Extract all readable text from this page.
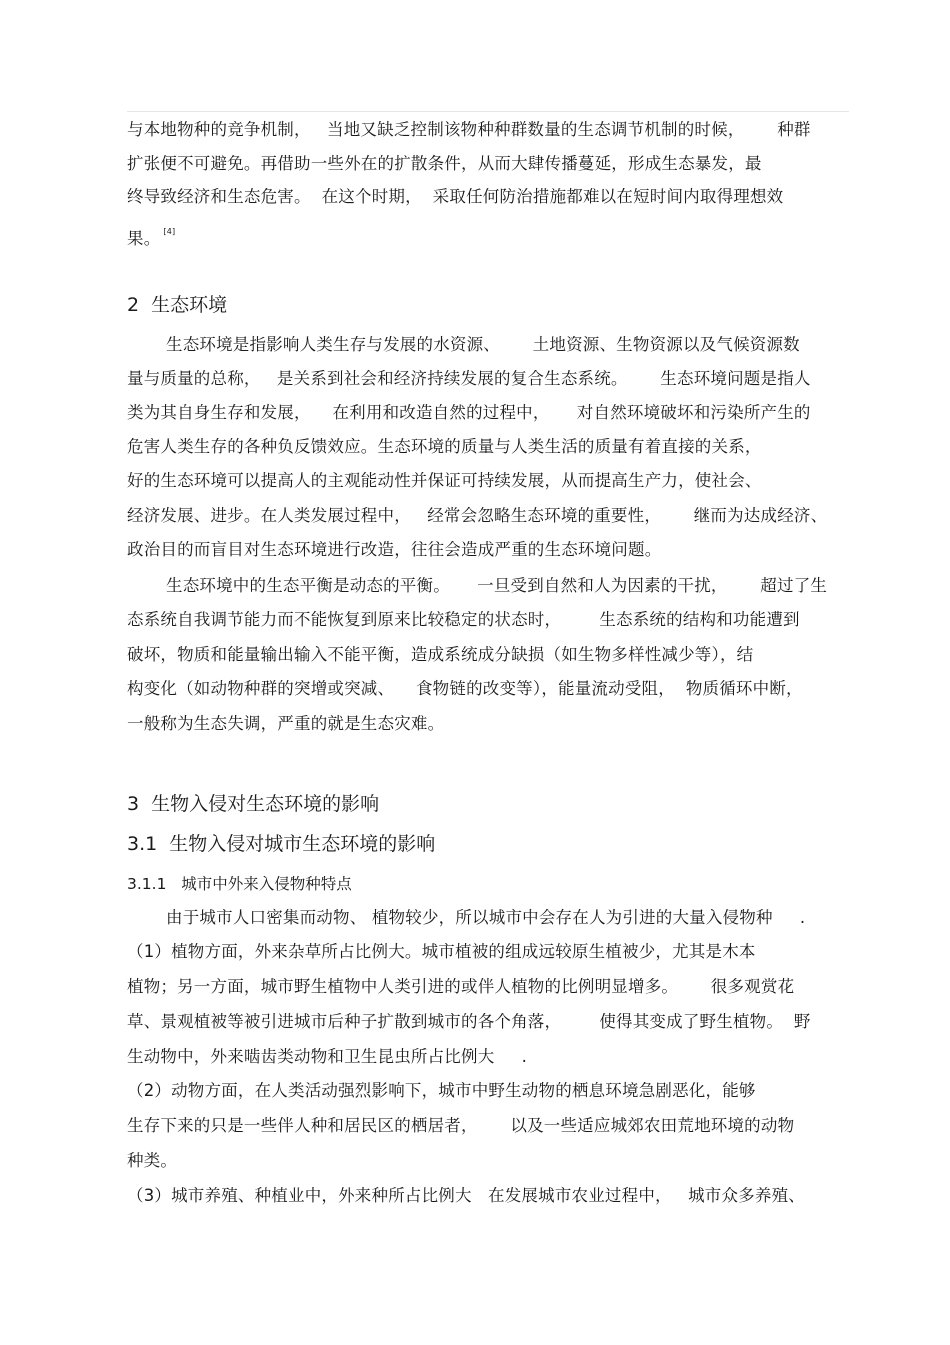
与本地物种的竞争机制，   当地又缺乏控制该物种种群数量的生态调节机制的时候，      种群

扩张便不可避免。再借助一些外在的扩散条件，从而大肆传播蔓延，形成生态暴发，最

终导致经济和生态危害。  在这个时期，  采取任何防治措施都难以在短时间内取得理想效

果。 [4]

2  生态环境

生态环境是指影响人类生存与发展的水资源、      土地资源、生物资源以及气候资源数

量与质量的总称，   是关系到社会和经济持续发展的复合生态系统。      生态环境问题是指人

类为其自身生存和发展，    在利用和改造自然的过程中，     对自然环境破坏和污染所产生的

危害人类生存的各种负反馈效应。生态环境的质量与人类生活的质量有着直接的关系，

好的生态环境可以提高人的主观能动性并保证可持续发展，从而提高生产力，使社会、

经济发展、进步。在人类发展过程中，   经常会忽略生态环境的重要性，      继而为达成经济、

政治目的而盲目对生态环境进行改造，往往会造成严重的生态环境问题。

生态环境中的生态平衡是动态的平衡。     一旦受到自然和人为因素的干扰，      超过了生

态系统自我调节能力而不能恢复到原来比较稳定的状态时，       生态系统的结构和功能遭到

破坏，物质和能量输出输入不能平衡，造成系统成分缺损（如生物多样性减少等），结

构变化（如动物种群的突增或突减、    食物链的改变等），能量流动受阻，  物质循环中断，

一般称为生态失调，严重的就是生态灾难。

3  生物入侵对生态环境的影响
3.1  生物入侵对城市生态环境的影响
3.1.1   城市中外来入侵物种特点

由于城市人口密集而动物、 植物较少，所以城市中会存在人为引进的大量入侵物种     .

（1）植物方面，外来杂草所占比例大。城市植被的组成远较原生植被少，尤其是木本

植物；另一方面，城市野生植物中人类引进的或伴人植物的比例明显增多。      很多观赏花

草、景观植被等被引进城市后种子扩散到城市的各个角落，       使得其变成了野生植物。  野

生动物中，外来啮齿类动物和卫生昆虫所占比例大     .

（2）动物方面，在人类活动强烈影响下，城市中野生动物的栖息环境急剧恶化，能够

生存下来的只是一些伴人种和居民区的栖居者，      以及一些适应城郊农田荒地环境的动物

种类。

（3）城市养殖、种植业中，外来种所占比例大   在发展城市农业过程中，   城市众多养殖、
